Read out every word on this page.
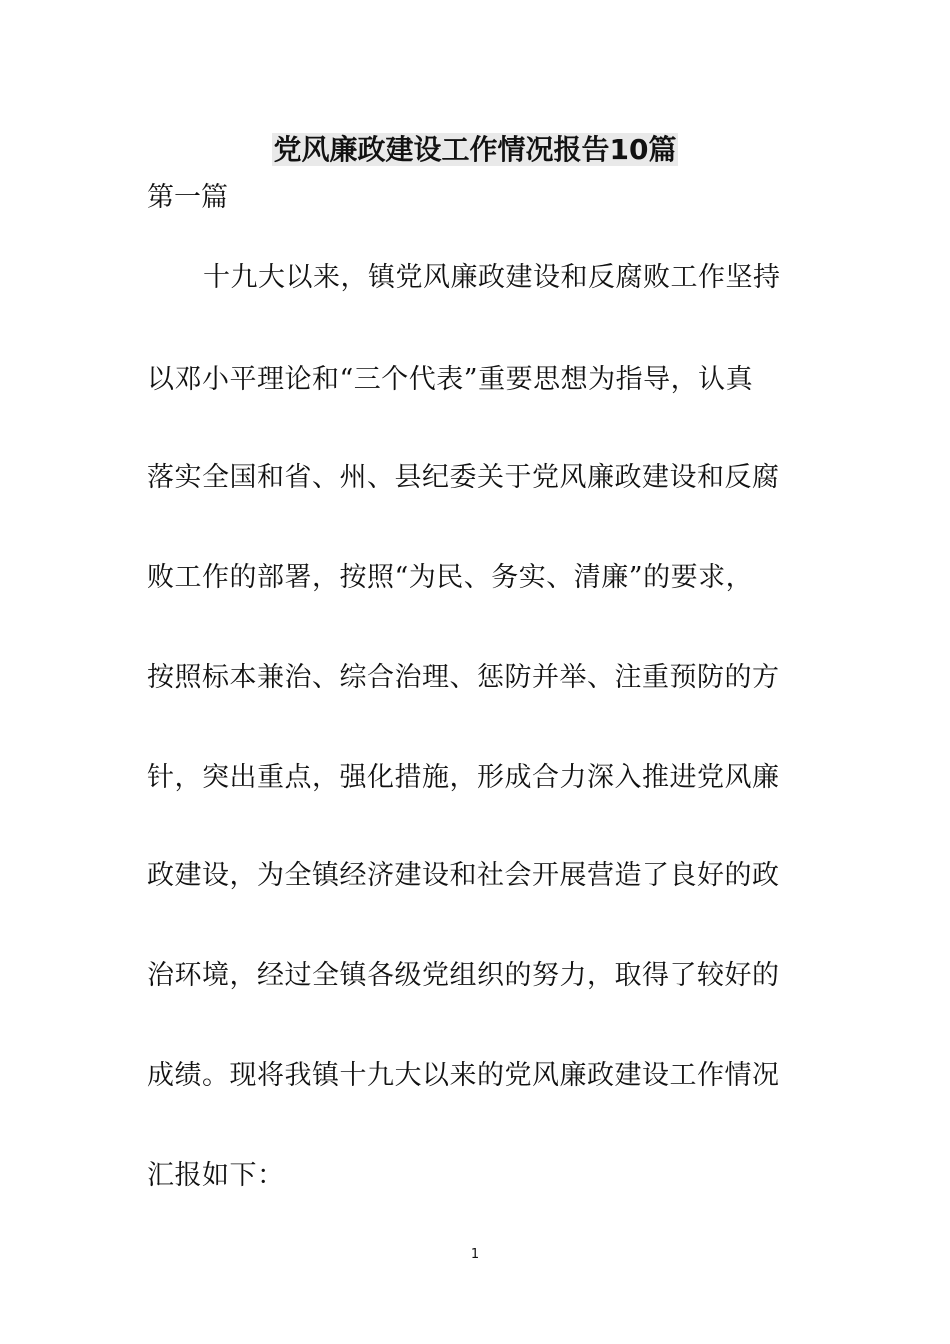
党风廉政建设工作情况报告10篇
第一篇
十九大以来，镇党风廉政建设和反腐败工作坚持
以邓小平理论和“三个代表”重要思想为指导，认真
落实全国和省、州、县纪委关于党风廉政建设和反腐
败工作的部署，按照“为民、务实、清廉”的要求，
按照标本兼治、综合治理、惩防并举、注重预防的方
针，突出重点，强化措施，形成合力深入推进党风廉
政建设，为全镇经济建设和社会开展营造了良好的政
治环境，经过全镇各级党组织的努力，取得了较好的
成绩。现将我镇十九大以来的党风廉政建设工作情况
汇报如下：
1
